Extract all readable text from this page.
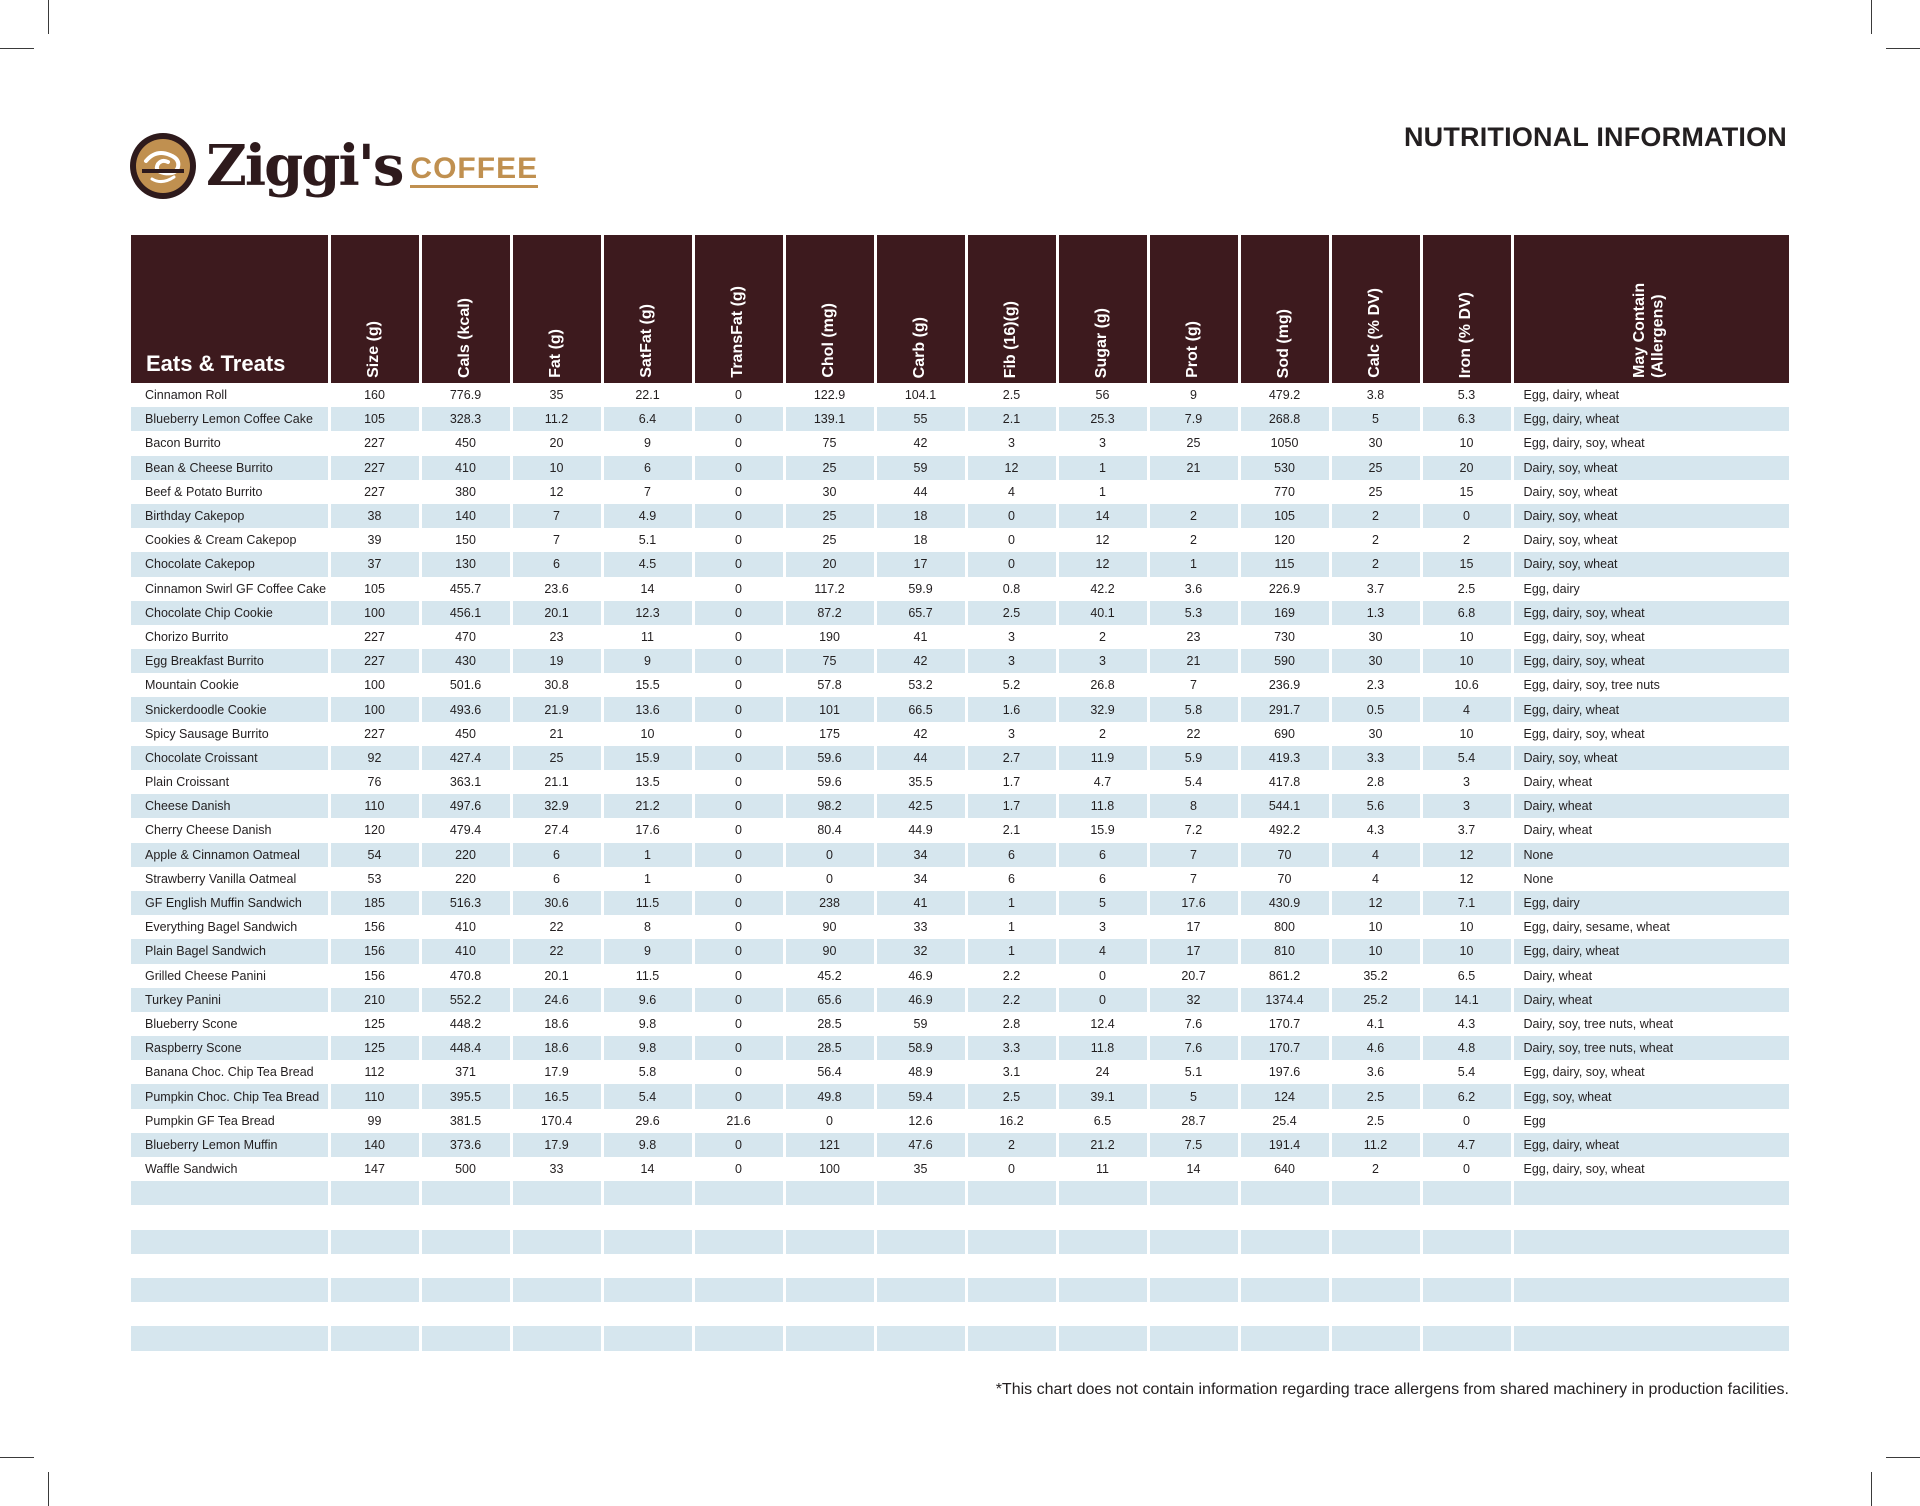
Ziggi's COFFEE
NUTRITIONAL INFORMATION
Eats & Treats	Size (g)	Cals (kcal)	Fat (g)	SatFat (g)	TransFat (g)	Chol (mg)	Carb (g)	Fib (16)(g)	Sugar (g)	Prot (g)	Sod (mg)	Calc (% DV)	Iron (% DV)	May Contain (Allergens)
Cinnamon Roll	160	776.9	35	22.1	0	122.9	104.1	2.5	56	9	479.2	3.8	5.3	Egg, dairy, wheat
Blueberry Lemon Coffee Cake	105	328.3	11.2	6.4	0	139.1	55	2.1	25.3	7.9	268.8	5	6.3	Egg, dairy, wheat
Bacon Burrito	227	450	20	9	0	75	42	3	3	25	1050	30	10	Egg, dairy, soy, wheat
Bean & Cheese Burrito	227	410	10	6	0	25	59	12	1	21	530	25	20	Dairy, soy, wheat
Beef & Potato Burrito	227	380	12	7	0	30	44	4	1		770	25	15	Dairy, soy, wheat
Birthday Cakepop	38	140	7	4.9	0	25	18	0	14	2	105	2	0	Dairy, soy, wheat
Cookies & Cream Cakepop	39	150	7	5.1	0	25	18	0	12	2	120	2	2	Dairy, soy, wheat
Chocolate Cakepop	37	130	6	4.5	0	20	17	0	12	1	115	2	15	Dairy, soy, wheat
Cinnamon Swirl GF Coffee Cake	105	455.7	23.6	14	0	117.2	59.9	0.8	42.2	3.6	226.9	3.7	2.5	Egg, dairy
Chocolate Chip Cookie	100	456.1	20.1	12.3	0	87.2	65.7	2.5	40.1	5.3	169	1.3	6.8	Egg, dairy, soy, wheat
Chorizo Burrito	227	470	23	11	0	190	41	3	2	23	730	30	10	Egg, dairy, soy, wheat
Egg Breakfast Burrito	227	430	19	9	0	75	42	3	3	21	590	30	10	Egg, dairy, soy, wheat
Mountain Cookie	100	501.6	30.8	15.5	0	57.8	53.2	5.2	26.8	7	236.9	2.3	10.6	Egg, dairy, soy, tree nuts
Snickerdoodle Cookie	100	493.6	21.9	13.6	0	101	66.5	1.6	32.9	5.8	291.7	0.5	4	Egg, dairy, wheat
Spicy Sausage Burrito	227	450	21	10	0	175	42	3	2	22	690	30	10	Egg, dairy, soy, wheat
Chocolate Croissant	92	427.4	25	15.9	0	59.6	44	2.7	11.9	5.9	419.3	3.3	5.4	Dairy, soy, wheat
Plain Croissant	76	363.1	21.1	13.5	0	59.6	35.5	1.7	4.7	5.4	417.8	2.8	3	Dairy, wheat
Cheese Danish	110	497.6	32.9	21.2	0	98.2	42.5	1.7	11.8	8	544.1	5.6	3	Dairy, wheat
Cherry Cheese Danish	120	479.4	27.4	17.6	0	80.4	44.9	2.1	15.9	7.2	492.2	4.3	3.7	Dairy, wheat
Apple & Cinnamon Oatmeal	54	220	6	1	0	0	34	6	6	7	70	4	12	None
Strawberry Vanilla Oatmeal	53	220	6	1	0	0	34	6	6	7	70	4	12	None
GF English Muffin Sandwich	185	516.3	30.6	11.5	0	238	41	1	5	17.6	430.9	12	7.1	Egg, dairy
Everything Bagel Sandwich	156	410	22	8	0	90	33	1	3	17	800	10	10	Egg, dairy, sesame, wheat
Plain Bagel Sandwich	156	410	22	9	0	90	32	1	4	17	810	10	10	Egg, dairy, wheat
Grilled Cheese Panini	156	470.8	20.1	11.5	0	45.2	46.9	2.2	0	20.7	861.2	35.2	6.5	Dairy, wheat
Turkey Panini	210	552.2	24.6	9.6	0	65.6	46.9	2.2	0	32	1374.4	25.2	14.1	Dairy, wheat
Blueberry Scone	125	448.2	18.6	9.8	0	28.5	59	2.8	12.4	7.6	170.7	4.1	4.3	Dairy, soy, tree nuts, wheat
Raspberry Scone	125	448.4	18.6	9.8	0	28.5	58.9	3.3	11.8	7.6	170.7	4.6	4.8	Dairy, soy, tree nuts, wheat
Banana Choc. Chip Tea Bread	112	371	17.9	5.8	0	56.4	48.9	3.1	24	5.1	197.6	3.6	5.4	Egg, dairy, soy, wheat
Pumpkin Choc. Chip Tea Bread	110	395.5	16.5	5.4	0	49.8	59.4	2.5	39.1	5	124	2.5	6.2	Egg, soy, wheat
Pumpkin GF Tea Bread	99	381.5	170.4	29.6	21.6	0	12.6	16.2	6.5	28.7	25.4	2.5	0	Egg
Blueberry Lemon Muffin	140	373.6	17.9	9.8	0	121	47.6	2	21.2	7.5	191.4	11.2	4.7	Egg, dairy, wheat
Waffle Sandwich	147	500	33	14	0	100	35	0	11	14	640	2	0	Egg, dairy, soy, wheat

*This chart does not contain information regarding trace allergens from shared machinery in production facilities.
